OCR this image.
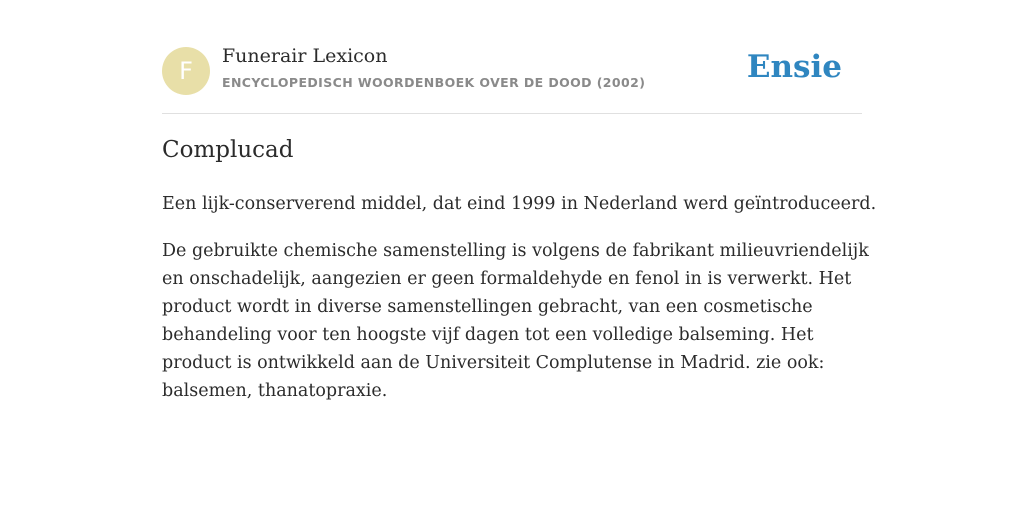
F
Funerair Lexicon
ENCYCLOPEDISCH WOORDENBOEK OVER DE DOOD (2002)	Ensie
Complucad

Een lijk-conserverend middel, dat eind 1999 in Nederland werd geïntroduceerd.

De gebruikte chemische samenstelling is volgens de fabrikant milieuvriendelijk
en onschadelijk, aangezien er geen formaldehyde en fenol in is verwerkt. Het
product wordt in diverse samenstellingen gebracht, van een cosmetische
behandeling voor ten hoogste vijf dagen tot een volledige balseming. Het
product is ontwikkeld aan de Universiteit Complutense in Madrid. zie ook:
balsemen, thanatopraxie.
